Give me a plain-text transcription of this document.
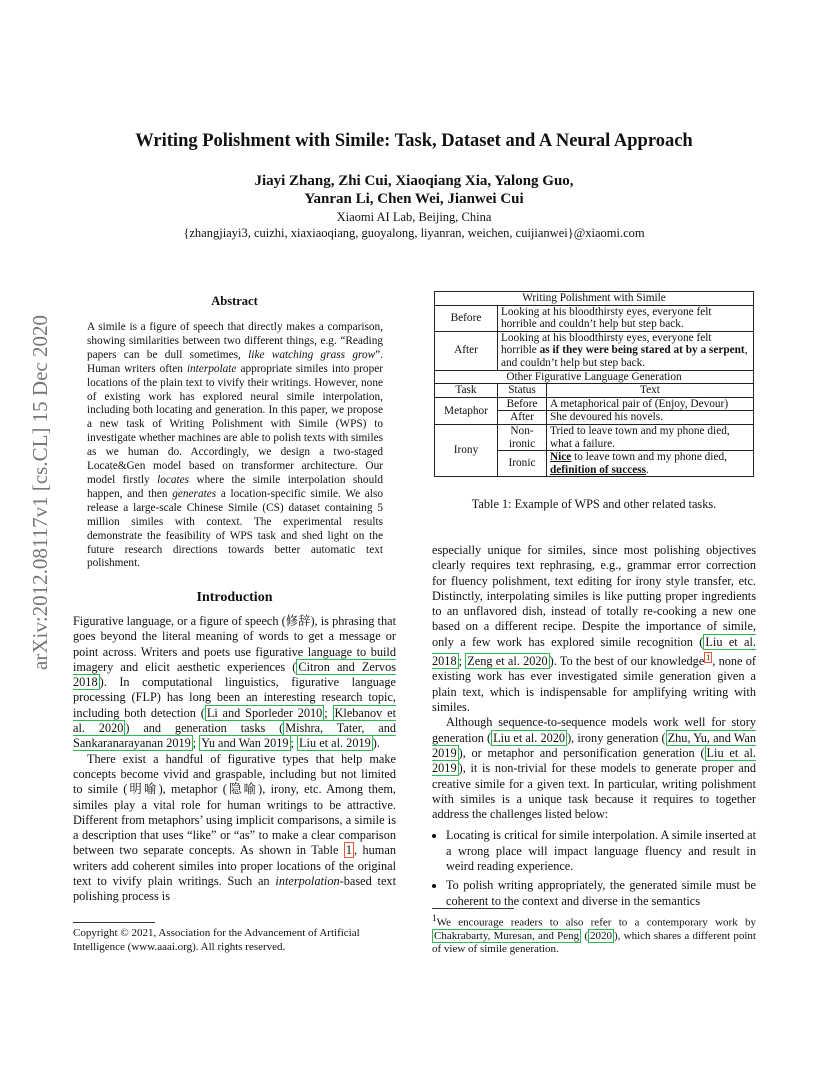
arXiv:2012.08117v1 [cs.CL] 15 Dec 2020
Writing Polishment with Simile: Task, Dataset and A Neural Approach
Jiayi Zhang, Zhi Cui, Xiaoqiang Xia, Yalong Guo,
Yanran Li, Chen Wei, Jianwei Cui
Xiaomi AI Lab, Beijing, China
{zhangjiayi3, cuizhi, xiaxiaoqiang, guoyalong, liyanran, weichen, cuijianwei}@xiaomi.com
Abstract
A simile is a figure of speech that directly makes a comparison, showing similarities between two different things, e.g. “Reading papers can be dull sometimes, like watching grass grow”. Human writers often interpolate appropriate similes into proper locations of the plain text to vivify their writings. However, none of existing work has explored neural simile interpolation, including both locating and generation. In this paper, we propose a new task of Writing Polishment with Simile (WPS) to investigate whether machines are able to polish texts with similes as we human do. Accordingly, we design a two-staged Locate&Gen model based on transformer architecture. Our model firstly locates where the simile interpolation should happen, and then generates a location-specific simile. We also release a large-scale Chinese Simile (CS) dataset containing 5 million similes with context. The experimental results demonstrate the feasibility of WPS task and shed light on the future research directions towards better automatic text polishment.
Introduction

Figurative language, or a figure of speech (修辞), is phrasing that goes beyond the literal meaning of words to get a message or point across. Writers and poets use figurative language to build imagery and elicit aesthetic experiences ( Citron and Zervos 2018 ). In computational linguistics, figurative language processing (FLP) has long been an interesting research topic, including both detection ( Li and Sporleder 2010 ; Klebanov et al. 2020 ) and generation tasks ( Mishra, Tater, and Sankaranarayanan 2019 ; Yu and Wan 2019 ; Liu et al. 2019 ).

There exist a handful of figurative types that help make concepts become vivid and graspable, including but not limited to simile (明喻), metaphor (隐喻), irony, etc. Among them, similes play a vital role for human writings to be attractive. Different from metaphors’ using implicit comparisons, a simile is a description that uses “like” or “as” to make a clear comparison between two separate concepts. As shown in Table 1 , human writers add coherent similes into proper locations of the original text to vivify plain writings. Such an interpolation-based text polishing process is

Writing Polishment with Simile		
Before	Looking at his bloodthirsty eyes, everyone felt horrible and couldn’t help but step back.	
After	Looking at his bloodthirsty eyes, everyone felt horrible as if they were being stared at by a serpent, and couldn’t help but step back.	
Other Figurative Language Generation		
Task	Status	Text
Metaphor	Before	A metaphorical pair of (Enjoy, Devour)
	After	She devoured his novels.
Irony	Non-ironic	Tried to leave town and my phone died, what a failure.
	Ironic	Nice to leave town and my phone died, definition of success.
Table 1: Example of WPS and other related tasks.

especially unique for similes, since most polishing objectives clearly requires text rephrasing, e.g., grammar error correction for fluency polishment, text editing for irony style transfer, etc. Distinctly, interpolating similes is like putting proper ingredients to an unflavored dish, instead of totally re-cooking a new one based on a different recipe. Despite the importance of simile, only a few work has explored simile recognition ( Liu et al. 2018 ; Zeng et al. 2020 ). To the best of our knowledge $^1$ , none of existing work has ever investigated simile generation given a plain text, which is indispensable for amplifying writing with similes.

Although sequence-to-sequence models work well for story generation ( Liu et al. 2020 ), irony generation ( Zhu, Yu, and Wan 2019 ), or metaphor and personification generation ( Liu et al. 2019 ), it is non-trivial for these models to generate proper and creative simile for a given text. In particular, writing polishment with similes is a unique task because it requires to together address the challenges listed below:

• Locating is critical for simile interpolation. A simile inserted at a wrong place will impact language fluency and result in weird reading experience.
• To polish writing appropriately, the generated simile must be coherent to the context and diverse in the semantics
$^1$We encourage readers to also refer to a contemporary work by Chakrabarty, Muresan, and Peng ( 2020 ), which shares a different point of view of simile generation.
Copyright © 2021, Association for the Advancement of Artificial Intelligence (www.aaai.org). All rights reserved.
